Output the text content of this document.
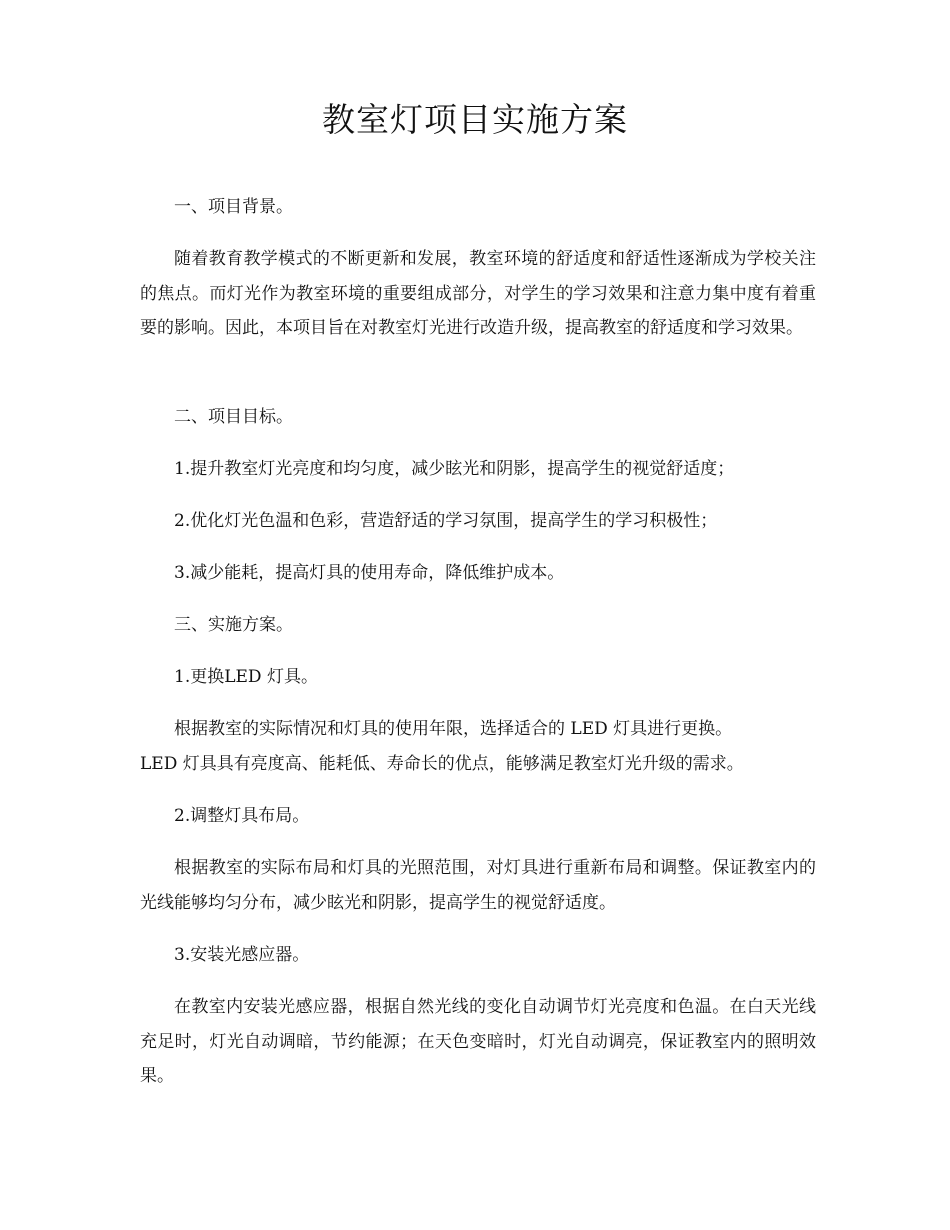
教室灯项目实施方案

一、项目背景。

随着教育教学模式的不断更新和发展，教室环境的舒适度和舒适性逐渐成为学校关注的焦点。而灯光作为教室环境的重要组成部分，对学生的学习效果和注意力集中度有着重要的影响。因此，本项目旨在对教室灯光进行改造升级，提高教室的舒适度和学习效果。

二、项目目标。

1.提升教室灯光亮度和均匀度，减少眩光和阴影，提高学生的视觉舒适度；

2.优化灯光色温和色彩，营造舒适的学习氛围，提高学生的学习积极性；

3.减少能耗，提高灯具的使用寿命，降低维护成本。

三、实施方案。

1.更换LED 灯具。

根据教室的实际情况和灯具的使用年限，选择适合的 LED 灯具进行更换。

LED 灯具具有亮度高、能耗低、寿命长的优点，能够满足教室灯光升级的需求。

2.调整灯具布局。

根据教室的实际布局和灯具的光照范围，对灯具进行重新布局和调整。保证教室内的光线能够均匀分布，减少眩光和阴影，提高学生的视觉舒适度。

3.安装光感应器。

在教室内安装光感应器，根据自然光线的变化自动调节灯光亮度和色温。在白天光线充足时，灯光自动调暗，节约能源；在天色变暗时，灯光自动调亮，保证教室内的照明效果。
